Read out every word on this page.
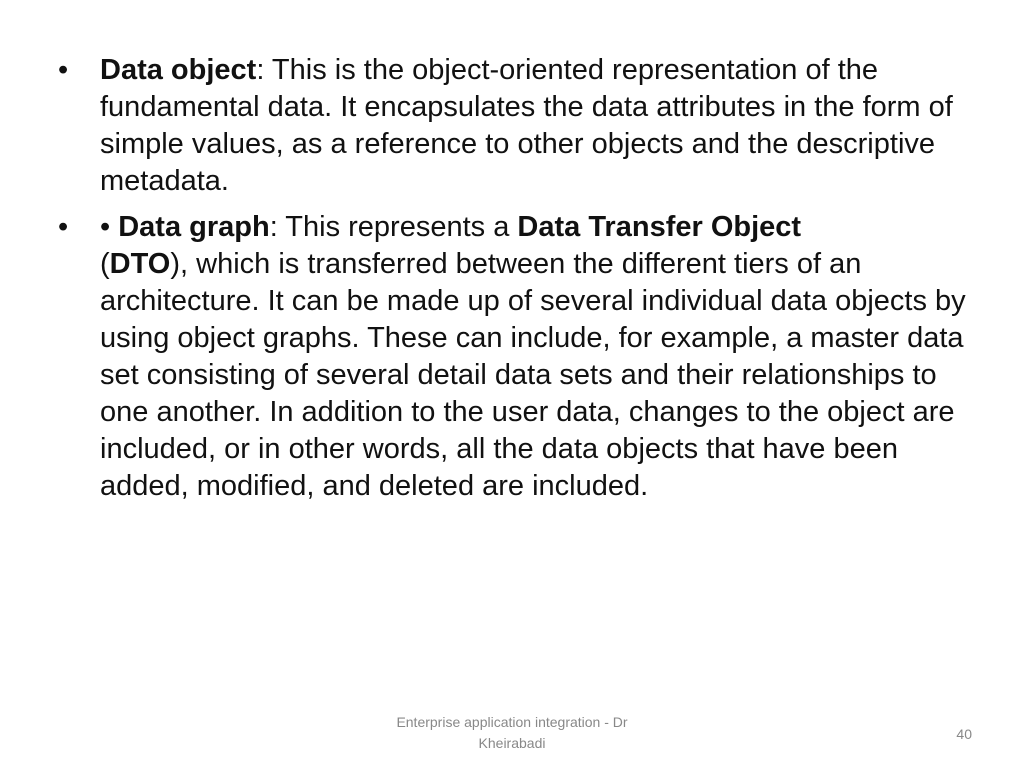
•	Data object: This is the object-oriented representation of the fundamental data. It encapsulates the data attributes in the form of simple values, as a reference to other objects and the descriptive metadata.
•	• Data graph: This represents a Data Transfer Object
(DTO), which is transferred between the different tiers of an architecture. It can be made up of several individual data objects by using object graphs. These can include, for example, a master data set consisting of several detail data sets and their relationships to one another. In addition to the user data, changes to the object are included, or in other words, all the data objects that have been added, modified, and deleted are included.
Enterprise application integration - Dr
Kheirabadi
40
